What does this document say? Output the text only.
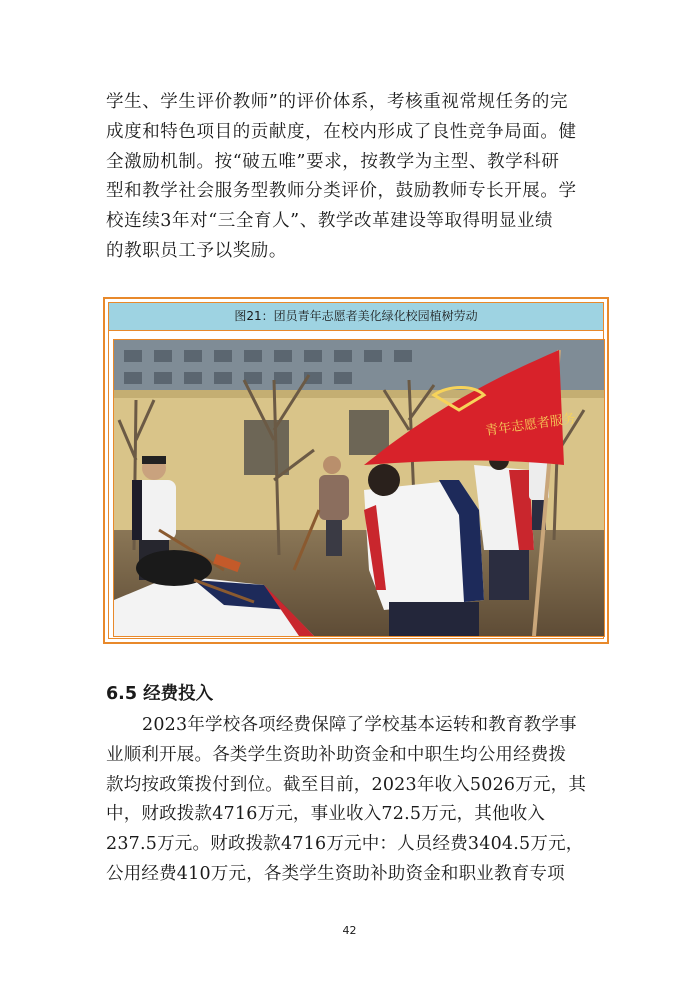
学生、学生评价教师”的评价体系，考核重视常规任务的完
成度和特色项目的贡献度，在校内形成了良性竞争局面。健
全激励机制。按“破五唯”要求，按教学为主型、教学科研
型和教学社会服务型教师分类评价，鼓励教师专长开展。学
校连续3年对“三全育人”、教学改革建设等取得明显业绩
的教职员工予以奖励。
图21：团员青年志愿者美化绿化校园植树劳动
青年志愿者服务
6.5 经费投入
2023年学校各项经费保障了学校基本运转和教育教学事
业顺利开展。各类学生资助补助资金和中职生均公用经费拨
款均按政策拨付到位。截至目前，2023年收入5026万元，其
中，财政拨款4716万元，事业收入72.5万元，其他收入
237.5万元。财政拨款4716万元中：人员经费3404.5万元，
公用经费410万元，各类学生资助补助资金和职业教育专项
42
